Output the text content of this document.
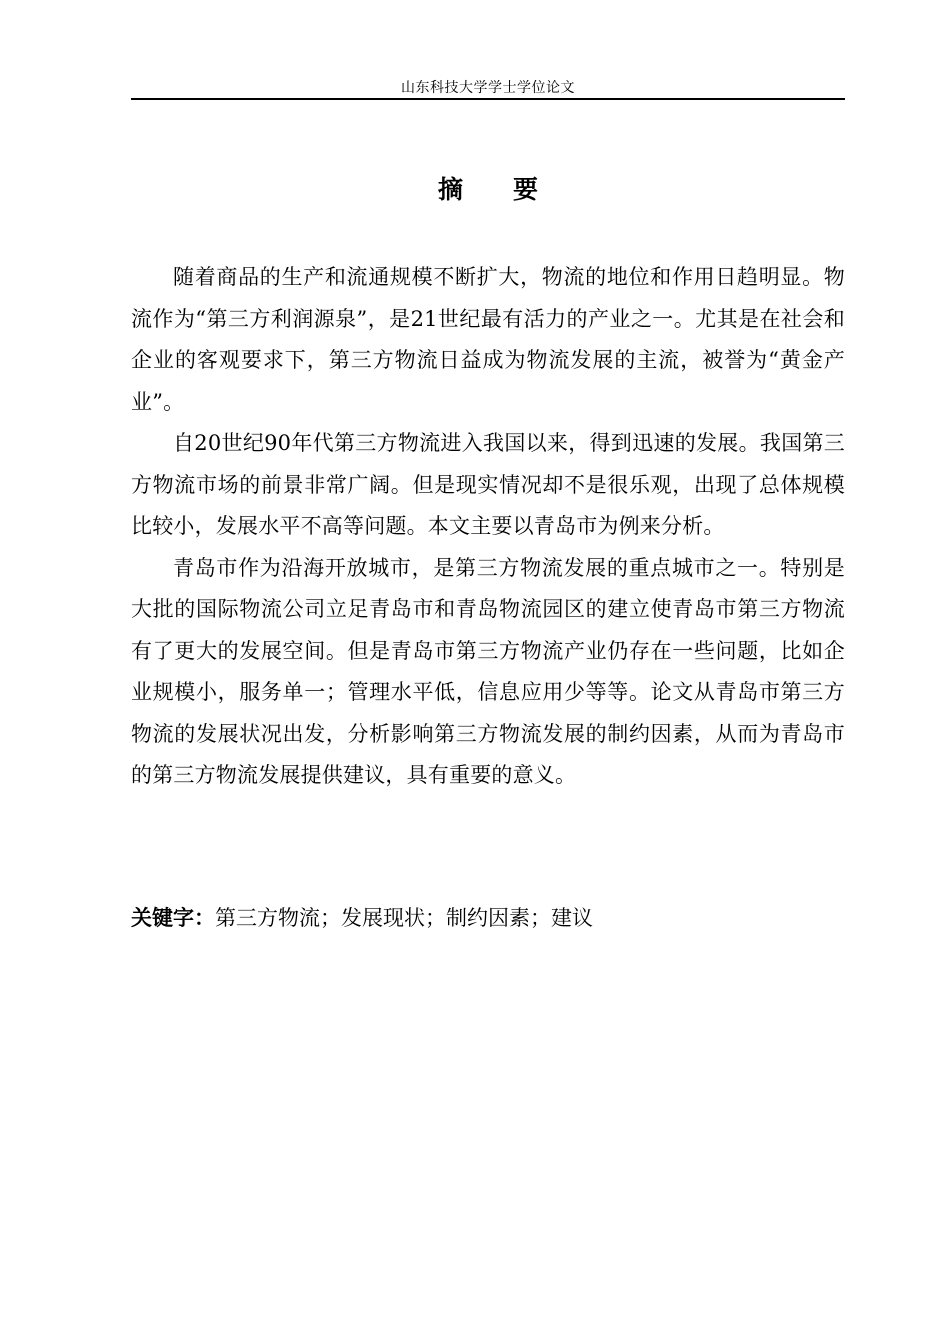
山东科技大学学士学位论文
摘 要

随着商品的生产和流通规模不断扩大，物流的地位和作用日趋明显。物流作为“第三方利润源泉”，是21世纪最有活力的产业之一。尤其是在社会和企业的客观要求下，第三方物流日益成为物流发展的主流，被誉为“黄金产业”。

自20世纪90年代第三方物流进入我国以来，得到迅速的发展。我国第三方物流市场的前景非常广阔。但是现实情况却不是很乐观，出现了总体规模比较小，发展水平不高等问题。本文主要以青岛市为例来分析。

青岛市作为沿海开放城市，是第三方物流发展的重点城市之一。特别是大批的国际物流公司立足青岛市和青岛物流园区的建立使青岛市第三方物流有了更大的发展空间。但是青岛市第三方物流产业仍存在一些问题，比如企业规模小，服务单一；管理水平低，信息应用少等等。论文从青岛市第三方物流的发展状况出发，分析影响第三方物流发展的制约因素，从而为青岛市的第三方物流发展提供建议，具有重要的意义。

关键字：第三方物流；发展现状；制约因素；建议
